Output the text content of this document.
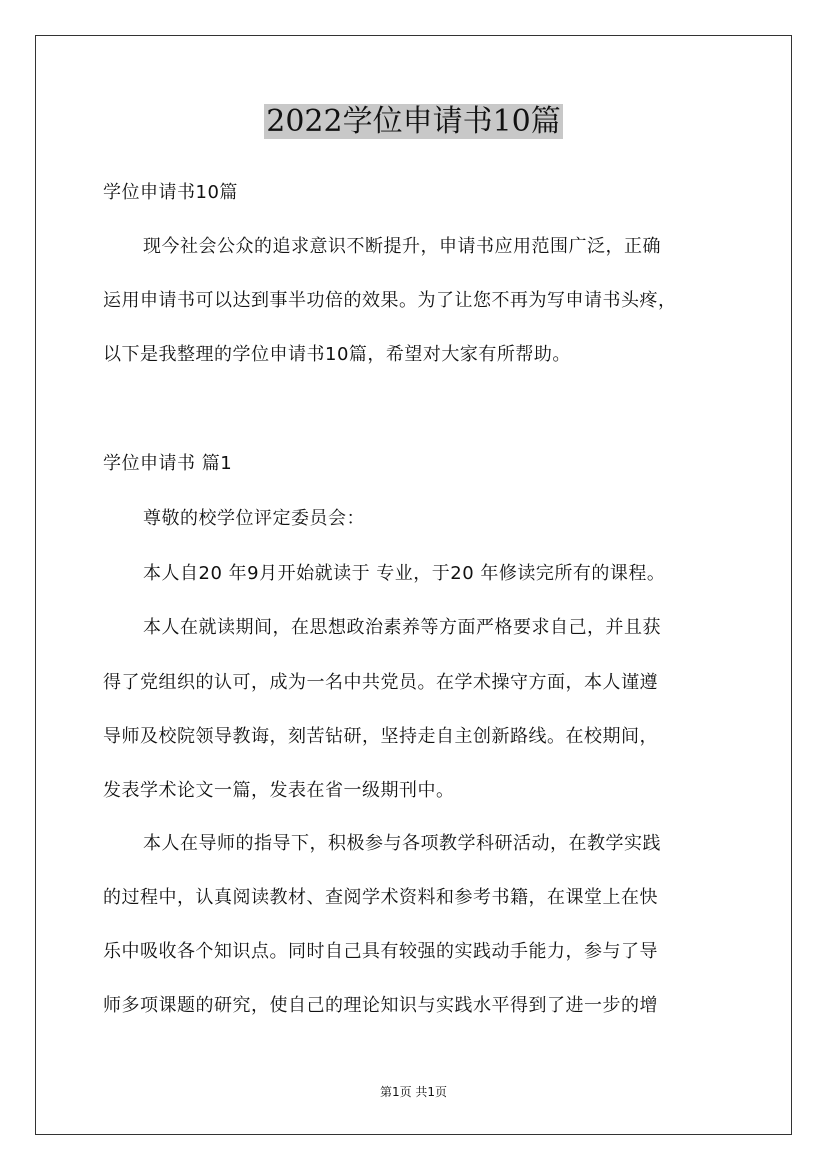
2022学位申请书10篇
学位申请书10篇
现今社会公众的追求意识不断提升，申请书应用范围广泛，正确
运用申请书可以达到事半功倍的效果。为了让您不再为写申请书头疼，
以下是我整理的学位申请书10篇，希望对大家有所帮助。
学位申请书 篇1
尊敬的校学位评定委员会：
本人自20 年9月开始就读于 专业，于20 年修读完所有的课程。
本人在就读期间，在思想政治素养等方面严格要求自己，并且获
得了党组织的认可，成为一名中共党员。在学术操守方面，本人谨遵
导师及校院领导教诲，刻苦钻研，坚持走自主创新路线。在校期间，
发表学术论文一篇，发表在省一级期刊中。
本人在导师的指导下，积极参与各项教学科研活动，在教学实践
的过程中，认真阅读教材、查阅学术资料和参考书籍，在课堂上在快
乐中吸收各个知识点。同时自己具有较强的实践动手能力，参与了导
师多项课题的研究，使自己的理论知识与实践水平得到了进一步的增
第1页 共1页
